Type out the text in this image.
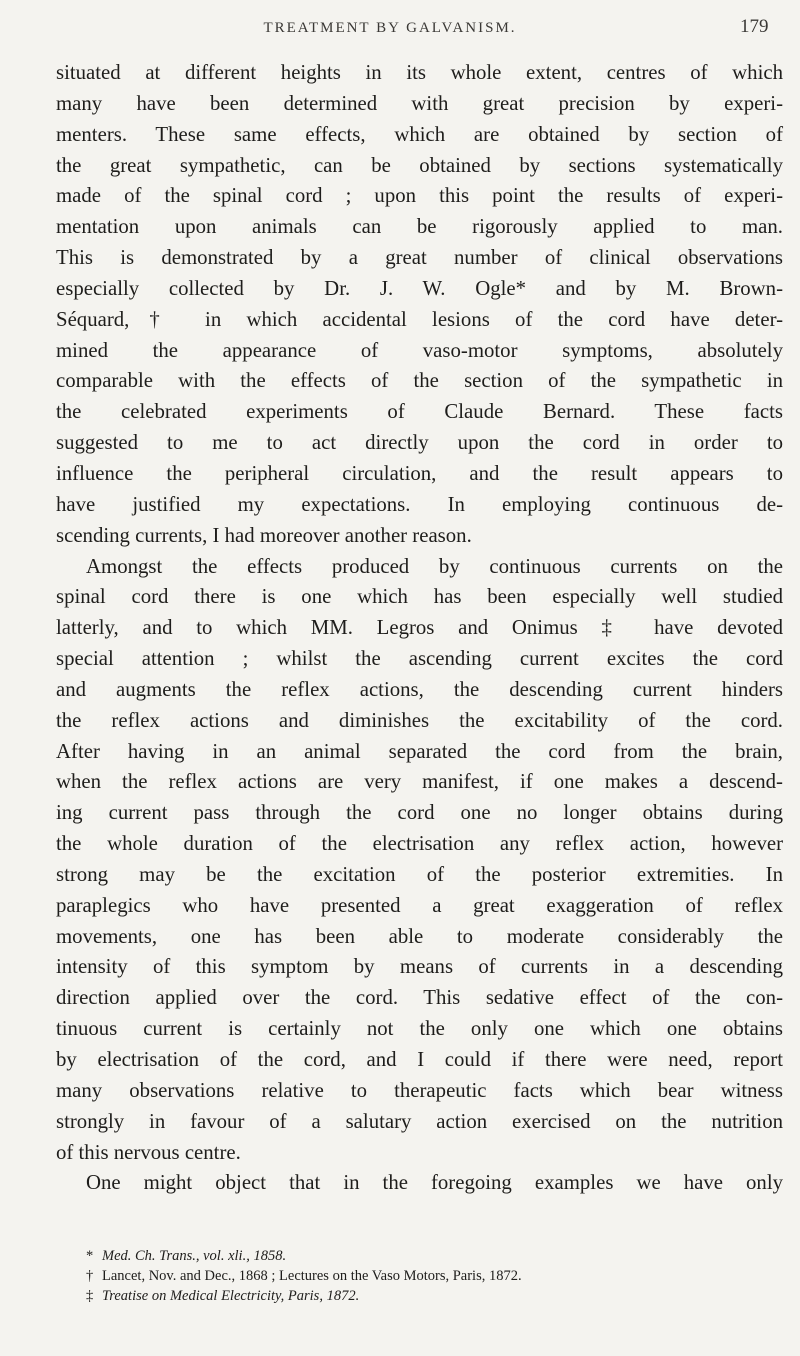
TREATMENT BY GALVANISM.	179
situated at different heights in its whole extent, centres of which
many have been determined with great precision by experi-
menters. These same effects, which are obtained by section of
the great sympathetic, can be obtained by sections systematically
made of the spinal cord ; upon this point the results of experi-
mentation upon animals can be rigorously applied to man.
This is demonstrated by a great number of clinical observations
especially collected by Dr. J. W. Ogle* and by M. Brown-
Séquard,† in which accidental lesions of the cord have deter-
mined the appearance of vaso-motor symptoms, absolutely
comparable with the effects of the section of the sympathetic in
the celebrated experiments of Claude Bernard. These facts
suggested to me to act directly upon the cord in order to
influence the peripheral circulation, and the result appears to
have justified my expectations. In employing continuous de-
scending currents, I had moreover another reason.
Amongst the effects produced by continuous currents on the
spinal cord there is one which has been especially well studied
latterly, and to which MM. Legros and Onimus ‡ have devoted
special attention ; whilst the ascending current excites the cord
and augments the reflex actions, the descending current hinders
the reflex actions and diminishes the excitability of the cord.
After having in an animal separated the cord from the brain,
when the reflex actions are very manifest, if one makes a descend-
ing current pass through the cord one no longer obtains during
the whole duration of the electrisation any reflex action, however
strong may be the excitation of the posterior extremities. In
paraplegics who have presented a great exaggeration of reflex
movements, one has been able to moderate considerably the
intensity of this symptom by means of currents in a descending
direction applied over the cord. This sedative effect of the con-
tinuous current is certainly not the only one which one obtains
by electrisation of the cord, and I could if there were need, report
many observations relative to therapeutic facts which bear witness
strongly in favour of a salutary action exercised on the nutrition
of this nervous centre.
One might object that in the foregoing examples we have only
* Med. Ch. Trans., vol. xli., 1858.
† Lancet, Nov. and Dec., 1868 ; Lectures on the Vaso Motors, Paris, 1872.
‡ Treatise on Medical Electricity, Paris, 1872.
